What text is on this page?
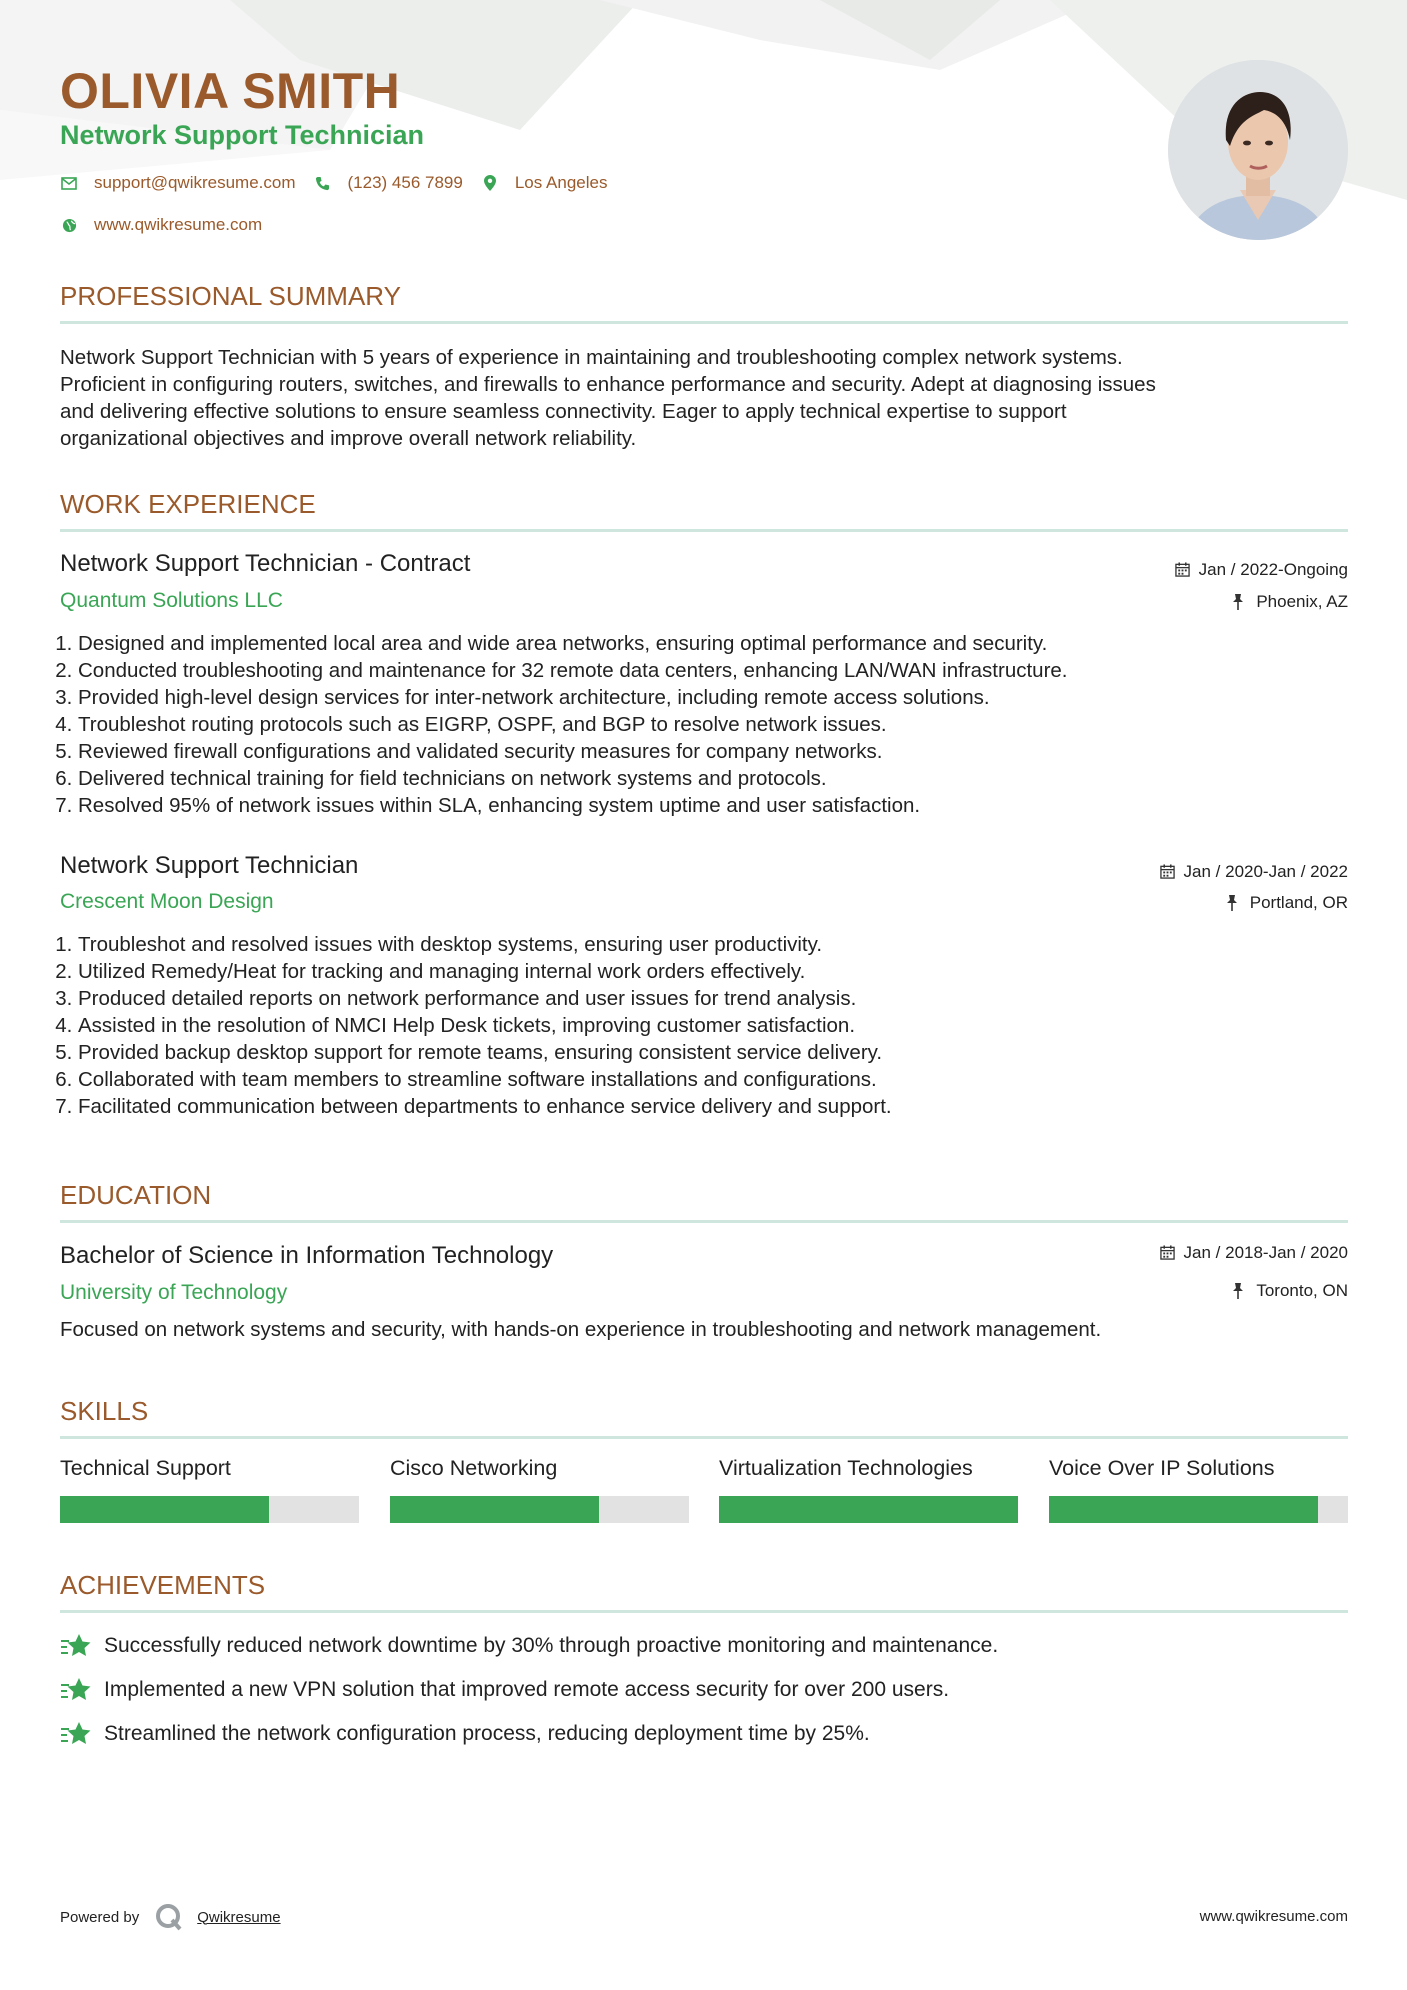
OLIVIA SMITH
Network Support Technician
support@qwikresume.com	(123) 456 7899	Los Angeles
www.qwikresume.com
PROFESSIONAL SUMMARY
Network Support Technician with 5 years of experience in maintaining and troubleshooting complex network systems.
Proficient in configuring routers, switches, and firewalls to enhance performance and security. Adept at diagnosing issues
and delivering effective solutions to ensure seamless connectivity. Eager to apply technical expertise to support
organizational objectives and improve overall network reliability.
WORK EXPERIENCE
Network Support Technician - Contract
Quantum Solutions LLC
Jan / 2022-Ongoing
Phoenix, AZ
1. Designed and implemented local area and wide area networks, ensuring optimal performance and security.
2. Conducted troubleshooting and maintenance for 32 remote data centers, enhancing LAN/WAN infrastructure.
3. Provided high-level design services for inter-network architecture, including remote access solutions.
4. Troubleshot routing protocols such as EIGRP, OSPF, and BGP to resolve network issues.
5. Reviewed firewall configurations and validated security measures for company networks.
6. Delivered technical training for field technicians on network systems and protocols.
7. Resolved 95% of network issues within SLA, enhancing system uptime and user satisfaction.
Network Support Technician
Crescent Moon Design
Jan / 2020-Jan / 2022
Portland, OR
1. Troubleshot and resolved issues with desktop systems, ensuring user productivity.
2. Utilized Remedy/Heat for tracking and managing internal work orders effectively.
3. Produced detailed reports on network performance and user issues for trend analysis.
4. Assisted in the resolution of NMCI Help Desk tickets, improving customer satisfaction.
5. Provided backup desktop support for remote teams, ensuring consistent service delivery.
6. Collaborated with team members to streamline software installations and configurations.
7. Facilitated communication between departments to enhance service delivery and support.
EDUCATION
Bachelor of Science in Information Technology
University of Technology
Jan / 2018-Jan / 2020
Toronto, ON
Focused on network systems and security, with hands-on experience in troubleshooting and network management.
SKILLS

Technical Support	Cisco Networking	Virtualization Technologies	Voice Over IP Solutions

ACHIEVEMENTS
Successfully reduced network downtime by 30% through proactive monitoring and maintenance.
Implemented a new VPN solution that improved remote access security for over 200 users.
Streamlined the network configuration process, reducing deployment time by 25%.
Powered by	Qwikresume	www.qwikresume.com
